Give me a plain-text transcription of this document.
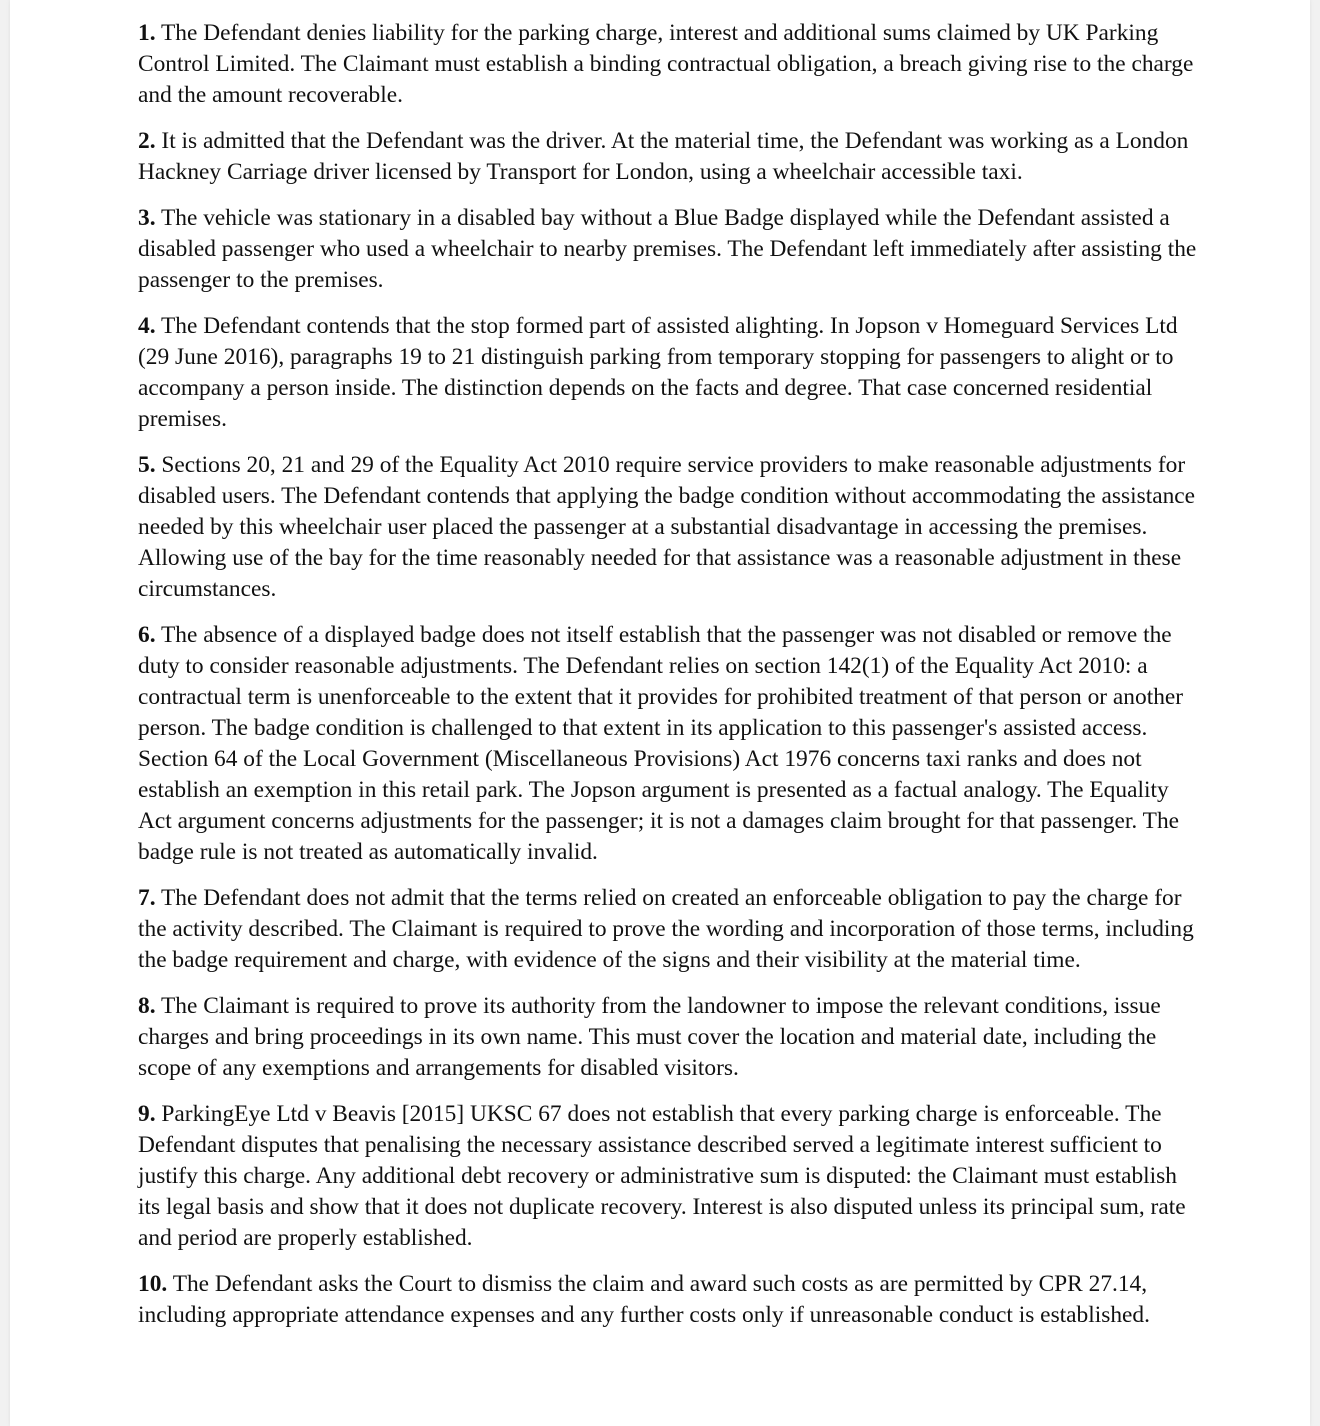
1. The Defendant denies liability for the parking charge, interest and additional sums claimed by UK Parking Control Limited. The Claimant must establish a binding contractual obligation, a breach giving rise to the charge and the amount recoverable.

2. It is admitted that the Defendant was the driver. At the material time, the Defendant was working as a London Hackney Carriage driver licensed by Transport for London, using a wheelchair accessible taxi.

3. The vehicle was stationary in a disabled bay without a Blue Badge displayed while the Defendant assisted a disabled passenger who used a wheelchair to nearby premises. The Defendant left immediately after assisting the passenger to the premises.

4. The Defendant contends that the stop formed part of assisted alighting. In Jopson v Homeguard Services Ltd (29 June 2016), paragraphs 19 to 21 distinguish parking from temporary stopping for passengers to alight or to accompany a person inside. The distinction depends on the facts and degree. That case concerned residential premises.

5. Sections 20, 21 and 29 of the Equality Act 2010 require service providers to make reasonable adjustments for disabled users. The Defendant contends that applying the badge condition without accommodating the assistance needed by this wheelchair user placed the passenger at a substantial disadvantage in accessing the premises. Allowing use of the bay for the time reasonably needed for that assistance was a reasonable adjustment in these circumstances.

6. The absence of a displayed badge does not itself establish that the passenger was not disabled or remove the duty to consider reasonable adjustments. The Defendant relies on section 142(1) of the Equality Act 2010: a contractual term is unenforceable to the extent that it provides for prohibited treatment of that person or another person. The badge condition is challenged to that extent in its application to this passenger's assisted access. Section 64 of the Local Government (Miscellaneous Provisions) Act 1976 concerns taxi ranks and does not establish an exemption in this retail park. The Jopson argument is presented as a factual analogy. The Equality Act argument concerns adjustments for the passenger; it is not a damages claim brought for that passenger. The badge rule is not treated as automatically invalid.

7. The Defendant does not admit that the terms relied on created an enforceable obligation to pay the charge for the activity described. The Claimant is required to prove the wording and incorporation of those terms, including the badge requirement and charge, with evidence of the signs and their visibility at the material time.

8. The Claimant is required to prove its authority from the landowner to impose the relevant conditions, issue charges and bring proceedings in its own name. This must cover the location and material date, including the scope of any exemptions and arrangements for disabled visitors.

9. ParkingEye Ltd v Beavis [2015] UKSC 67 does not establish that every parking charge is enforceable. The Defendant disputes that penalising the necessary assistance described served a legitimate interest sufficient to justify this charge. Any additional debt recovery or administrative sum is disputed: the Claimant must establish its legal basis and show that it does not duplicate recovery. Interest is also disputed unless its principal sum, rate and period are properly established.

10. The Defendant asks the Court to dismiss the claim and award such costs as are permitted by CPR 27.14, including appropriate attendance expenses and any further costs only if unreasonable conduct is established.
